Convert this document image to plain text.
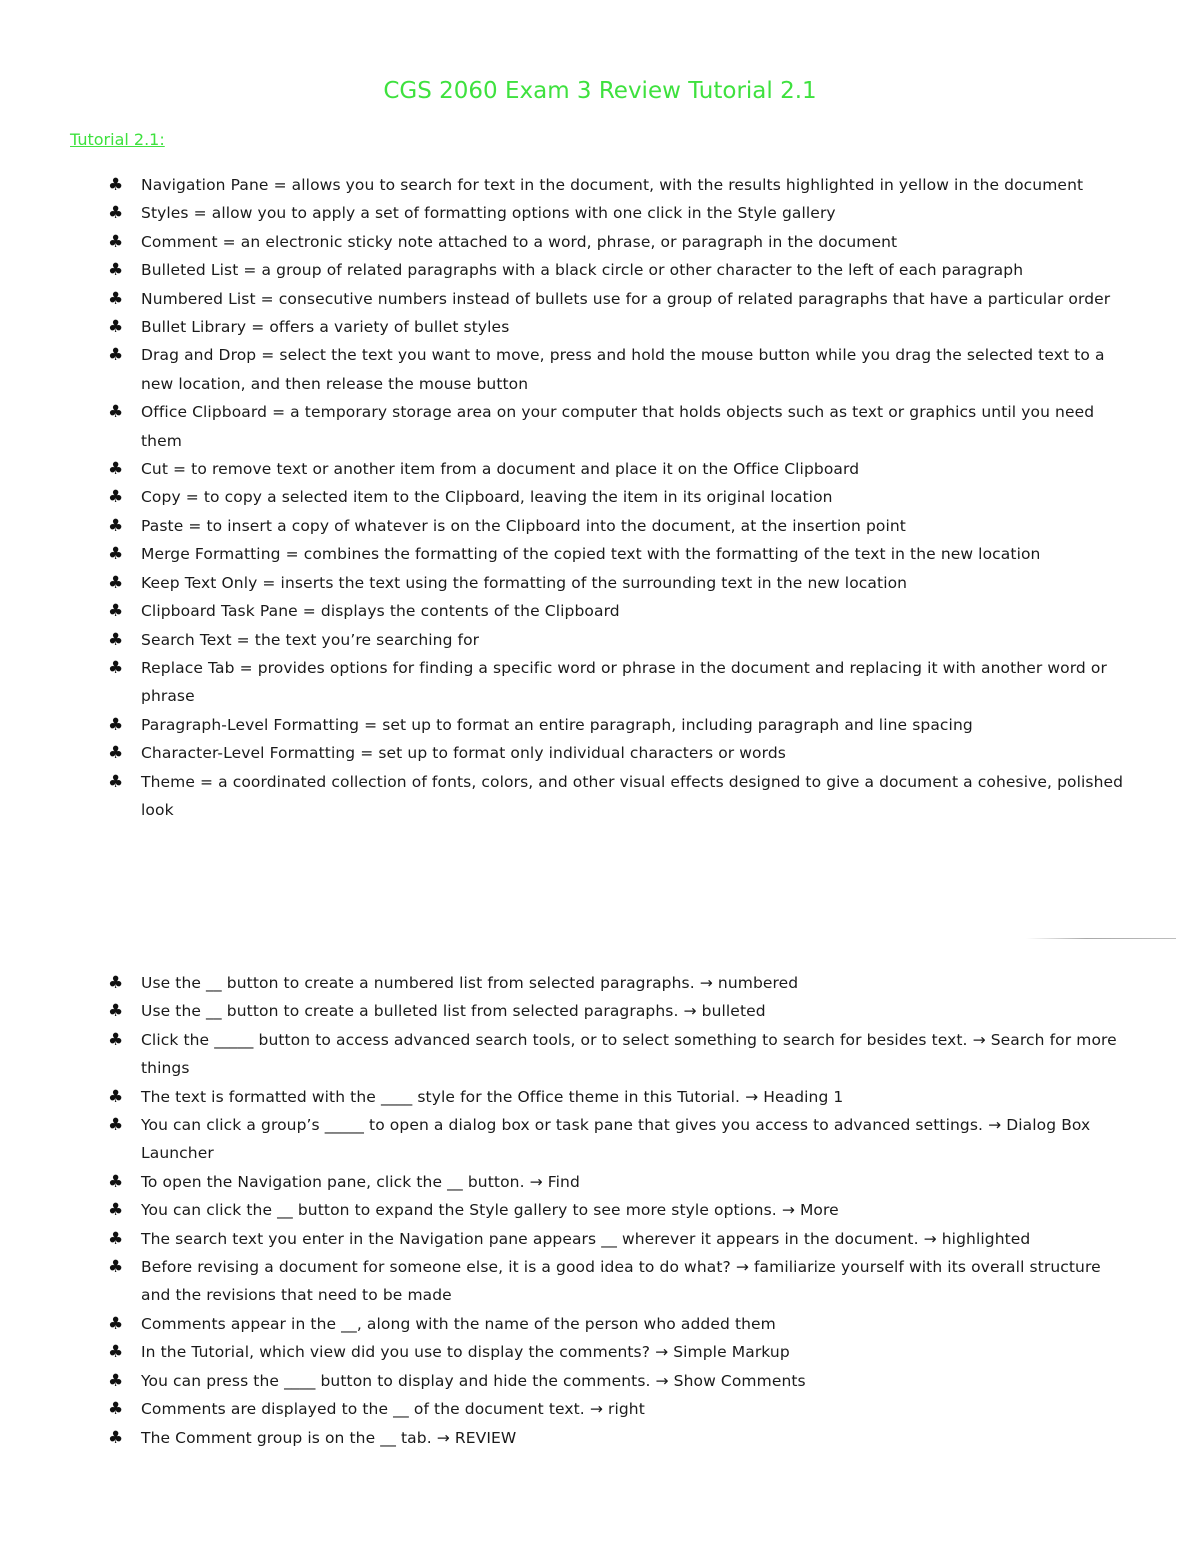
CGS 2060 Exam 3 Review Tutorial 2.1
Tutorial 2.1:
♣	Navigation Pane = allows you to search for text in the document, with the results highlighted in yellow in the document
♣	Styles = allow you to apply a set of formatting options with one click in the Style gallery
♣	Comment = an electronic sticky note attached to a word, phrase, or paragraph in the document
♣	Bulleted List = a group of related paragraphs with a black circle or other character to the left of each paragraph
♣	Numbered List = consecutive numbers instead of bullets use for a group of related paragraphs that have a particular order
♣	Bullet Library = offers a variety of bullet styles
♣	Drag and Drop = select the text you want to move, press and hold the mouse button while you drag the selected text to a new location, and then release the mouse button
♣	Office Clipboard = a temporary storage area on your computer that holds objects such as text or graphics until you need them
♣	Cut = to remove text or another item from a document and place it on the Office Clipboard
♣	Copy = to copy a selected item to the Clipboard, leaving the item in its original location
♣	Paste = to insert a copy of whatever is on the Clipboard into the document, at the insertion point
♣	Merge Formatting = combines the formatting of the copied text with the formatting of the text in the new location
♣	Keep Text Only = inserts the text using the formatting of the surrounding text in the new location
♣	Clipboard Task Pane = displays the contents of the Clipboard
♣	Search Text = the text you’re searching for
♣	Replace Tab = provides options for finding a specific word or phrase in the document and replacing it with another word or phrase
♣	Paragraph-Level Formatting = set up to format an entire paragraph, including paragraph and line spacing
♣	Character-Level Formatting = set up to format only individual characters or words
♣	Theme = a coordinated collection of fonts, colors, and other visual effects designed to give a document a cohesive, polished look
♣	Use the __ button to create a numbered list from selected paragraphs. → numbered
♣	Use the __ button to create a bulleted list from selected paragraphs. → bulleted
♣	Click the _____ button to access advanced search tools, or to select something to search for besides text. → Search for more things
♣	The text is formatted with the ____ style for the Office theme in this Tutorial. → Heading 1
♣	You can click a group’s _____ to open a dialog box or task pane that gives you access to advanced settings. → Dialog Box Launcher
♣	To open the Navigation pane, click the __ button. → Find
♣	You can click the __ button to expand the Style gallery to see more style options. → More
♣	The search text you enter in the Navigation pane appears __ wherever it appears in the document. → highlighted
♣	Before revising a document for someone else, it is a good idea to do what? → familiarize yourself with its overall structure and the revisions that need to be made
♣	Comments appear in the __, along with the name of the person who added them
♣	In the Tutorial, which view did you use to display the comments? → Simple Markup
♣	You can press the ____ button to display and hide the comments. → Show Comments
♣	Comments are displayed to the __ of the document text. → right
♣	The Comment group is on the __ tab. → REVIEW
